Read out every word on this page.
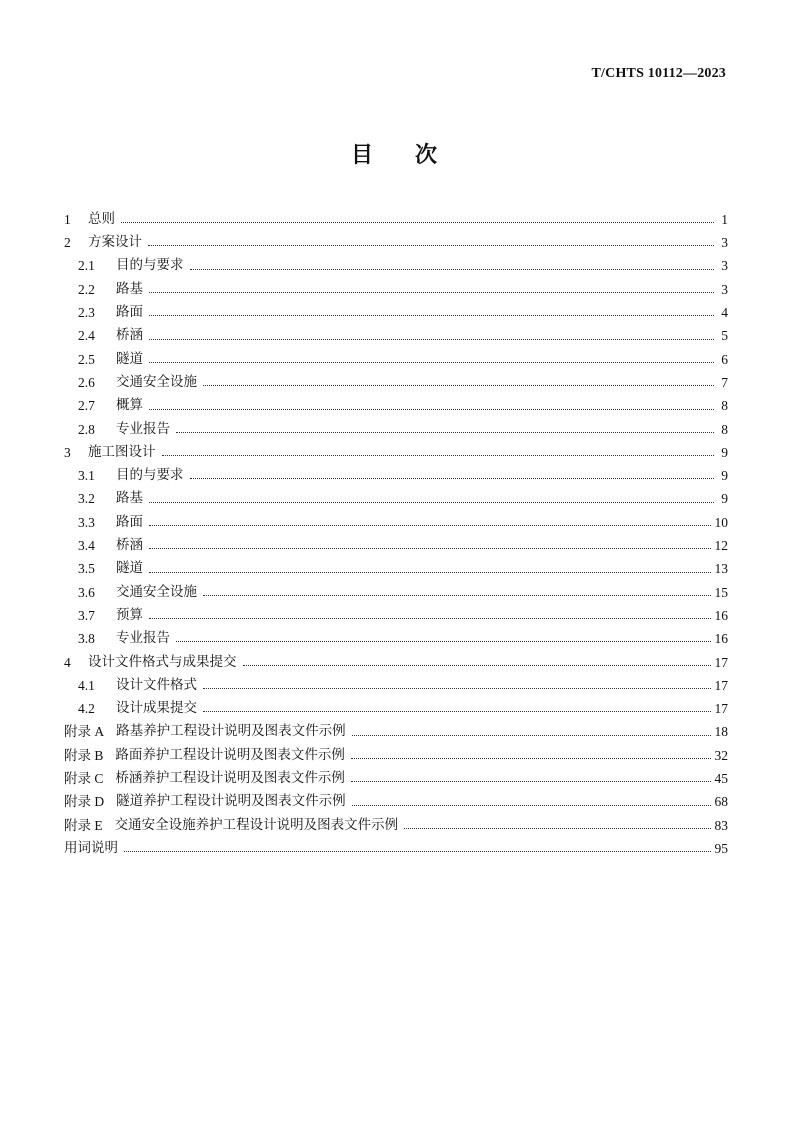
T/CHTS 10112—2023
目 次
1	总则	1
2	方案设计	3
2.1	目的与要求	3
2.2	路基	3
2.3	路面	4
2.4	桥涵	5
2.5	隧道	6
2.6	交通安全设施	7
2.7	概算	8
2.8	专业报告	8
3	施工图设计	9
3.1	目的与要求	9
3.2	路基	9
3.3	路面	10
3.4	桥涵	12
3.5	隧道	13
3.6	交通安全设施	15
3.7	预算	16
3.8	专业报告	16
4	设计文件格式与成果提交	17
4.1	设计文件格式	17
4.2	设计成果提交	17
附录 A 路基养护工程设计说明及图表文件示例	18
附录 B 路面养护工程设计说明及图表文件示例	32
附录 C 桥涵养护工程设计说明及图表文件示例	45
附录 D 隧道养护工程设计说明及图表文件示例	68
附录 E 交通安全设施养护工程设计说明及图表文件示例	83
用词说明	95
